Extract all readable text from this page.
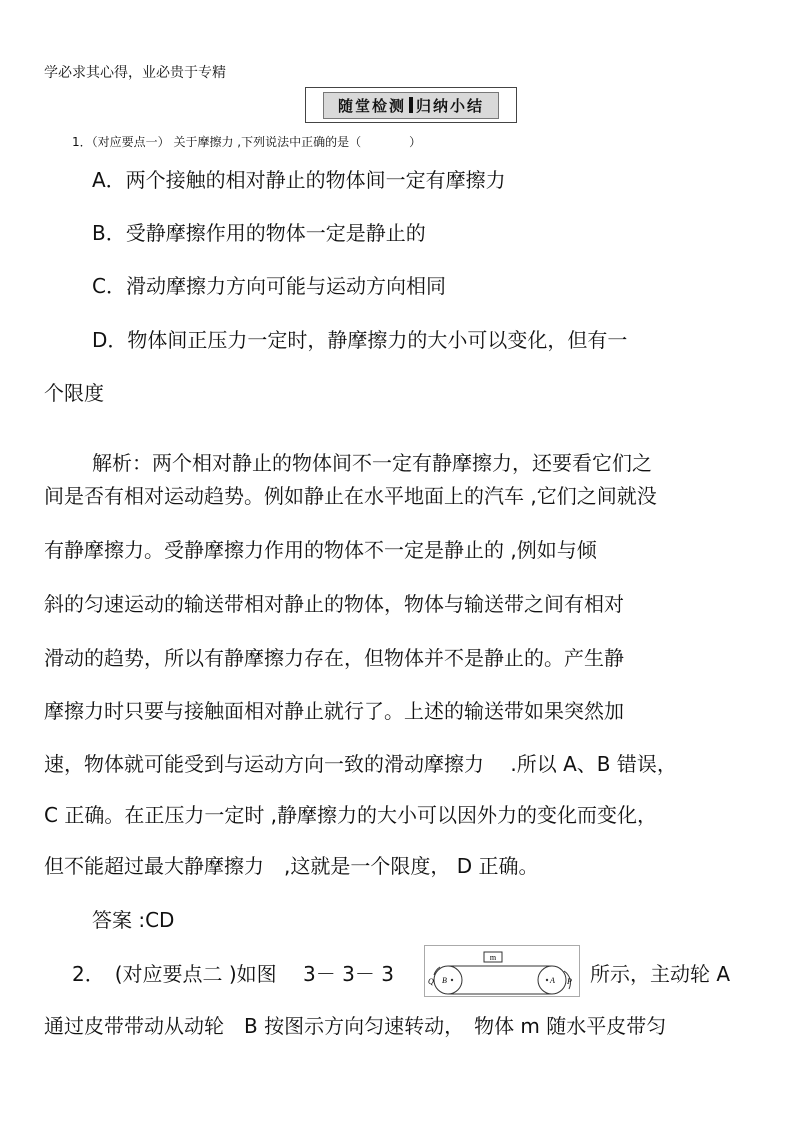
学必求其心得，业必贵于专精
随堂检测 归纳小结
1．（对应要点一） 关于摩擦力 ,下列说法中正确的是（　　　　）
A．两个接触的相对静止的物体间一定有摩擦力
B．受静摩擦作用的物体一定是静止的
C．滑动摩擦力方向可能与运动方向相同
D．物体间正压力一定时，静摩擦力的大小可以变化，但有一
个限度
解析：两个相对静止的物体间不一定有静摩擦力，还要看它们之
间是否有相对运动趋势。例如静止在水平地面上的汽车 ,它们之间就没
有静摩擦力。受静摩擦力作用的物体不一定是静止的 ,例如与倾
斜的匀速运动的输送带相对静止的物体，物体与输送带之间有相对
滑动的趋势，所以有静摩擦力存在，但物体并不是静止的。产生静
摩擦力时只要与接触面相对静止就行了。上述的输送带如果突然加
速，物体就可能受到与运动方向一致的滑动摩擦力　 .所以 A、B 错误，
C 正确。在正压力一定时 ,静摩擦力的大小可以因外力的变化而变化，
但不能超过最大静摩擦力　,这就是一个限度， D 正确。
答案 :CD
2．　(对应要点二 )如图　 3－ 3－ 3
m
Q B	A P 所示，主动轮 A
通过皮带带动从动轮　B 按图示方向匀速转动，　物体 m 随水平皮带匀
